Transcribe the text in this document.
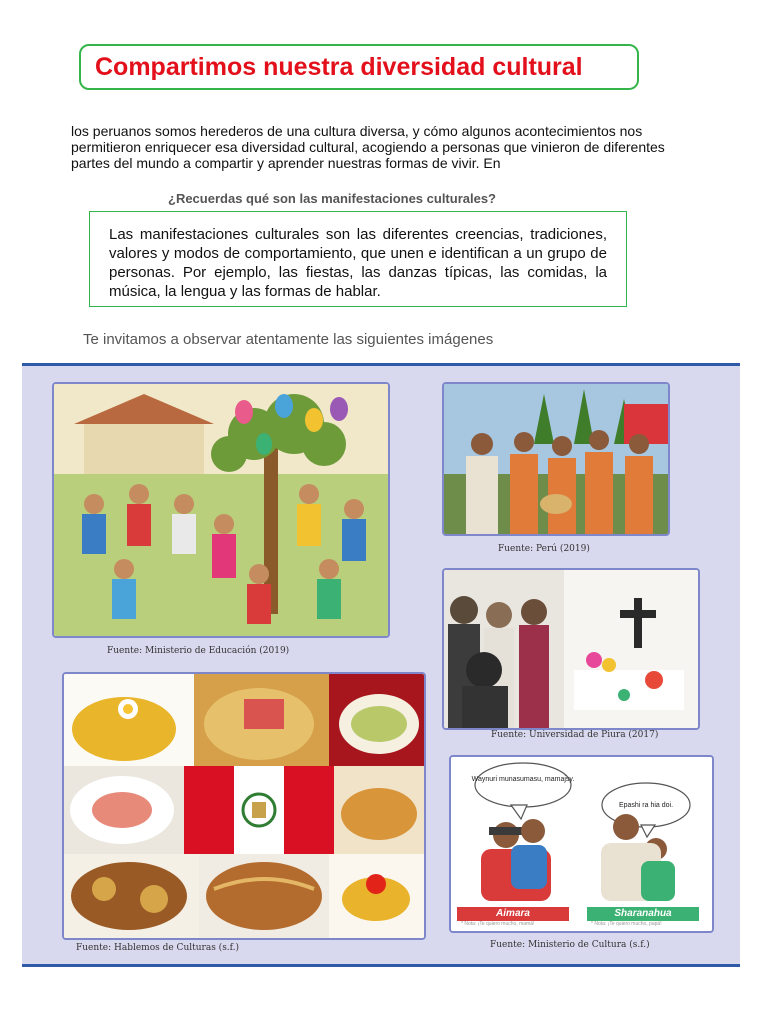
Compartimos nuestra diversidad cultural
los peruanos somos herederos de una cultura diversa, y cómo algunos acontecimientos nos
permitieron enriquecer esa diversidad cultural, acogiendo a personas que vinieron de diferentes
partes del mundo a compartir y aprender nuestras formas de vivir. En
¿Recuerdas qué son las manifestaciones culturales?

Las manifestaciones culturales son las diferentes creencias, tradiciones, valores y modos de comportamiento, que unen e identifican a un grupo de personas. Por ejemplo, las fiestas, las danzas típicas, las comidas, la música, la lengua y las formas de hablar.

Te invitamos a observar atentamente las siguientes imágenes
Fuente: Ministerio de Educación (2019)
Fuente: Perú (2019)
Fuente: Universidad de Piura (2017)
Fuente: Hablemos de Culturas (s.f.)
Waynuri munasumasu, mamajsy.
Epashi ra hia doi.
Aimara	Sharanahua
* Nota: ¡Te quiero mucho, mamá!	* Nota: ¡Te quiero mucho, papá!
Fuente: Ministerio de Cultura (s.f.)
